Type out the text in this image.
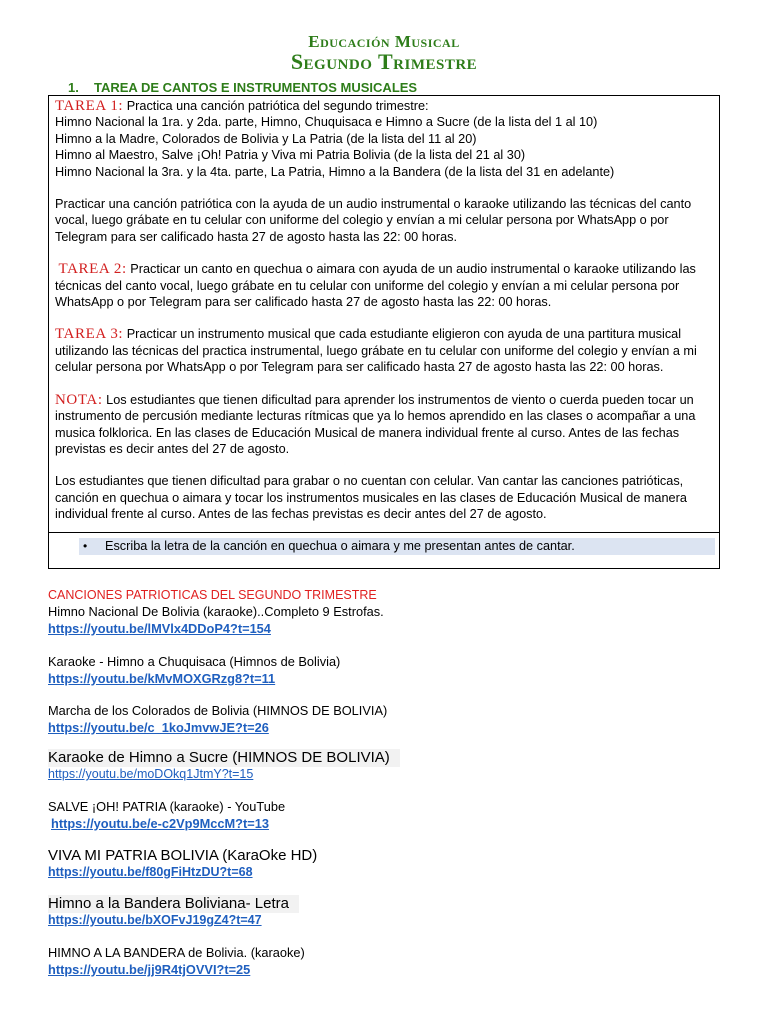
Educación Musical
Segundo Trimestre

1. TAREA DE CANTOS E INSTRUMENTOS MUSICALES

TAREA 1: Practica una canción patriótica del segundo trimestre:
Himno Nacional la 1ra. y 2da. parte, Himno, Chuquisaca e Himno a Sucre (de la lista del 1 al 10)
Himno a la Madre, Colorados de Bolivia y La Patria (de la lista del 11 al 20)
Himno al Maestro, Salve ¡Oh! Patria y Viva mi Patria Bolivia (de la lista del 21 al 30)
Himno Nacional la 3ra. y la 4ta. parte, La Patria, Himno a la Bandera (de la lista del 31 en adelante)

Practicar una canción patriótica con la ayuda de un audio instrumental o karaoke utilizando las técnicas del canto vocal, luego grábate en tu celular con uniforme del colegio y envían a mi celular persona por WhatsApp o por Telegram para ser calificado hasta 27 de agosto hasta las 22: 00 horas.

TAREA 2: Practicar un canto en quechua o aimara con ayuda de un audio instrumental o karaoke utilizando las técnicas del canto vocal, luego grábate en tu celular con uniforme del colegio y envían a mi celular persona por WhatsApp o por Telegram para ser calificado hasta 27 de agosto hasta las 22: 00 horas.

TAREA 3: Practicar un instrumento musical que cada estudiante eligieron con ayuda de una partitura musical utilizando las técnicas del practica instrumental, luego grábate en tu celular con uniforme del colegio y envían a mi celular persona por WhatsApp o por Telegram para ser calificado hasta 27 de agosto hasta las 22: 00 horas.

NOTA: Los estudiantes que tienen dificultad para aprender los instrumentos de viento o cuerda pueden tocar un instrumento de percusión mediante lecturas rítmicas que ya lo hemos aprendido en las clases o acompañar a una musica folklorica. En las clases de Educación Musical de manera individual frente al curso. Antes de las fechas previstas es decir antes del 27 de agosto.

Los estudiantes que tienen dificultad para grabar o no cuentan con celular. Van cantar las canciones patrióticas, canción en quechua o aimara y tocar los instrumentos musicales en las clases de Educación Musical de manera individual frente al curso. Antes de las fechas previstas es decir antes del 27 de agosto.

• Escriba la letra de la canción en quechua o aimara y me presentan antes de cantar.

CANCIONES PATRIOTICAS DEL SEGUNDO TRIMESTRE

Himno Nacional De Bolivia (karaoke)..Completo 9 Estrofas.
https://youtu.be/lMVlx4DDoP4?t=154
Karaoke - Himno a Chuquisaca (Himnos de Bolivia)
https://youtu.be/kMvMOXGRzg8?t=11
Marcha de los Colorados de Bolivia (HIMNOS DE BOLIVIA)
https://youtu.be/c_1koJmvwJE?t=26
Karaoke de Himno a Sucre (HIMNOS DE BOLIVIA)
https://youtu.be/moDOkq1JtmY?t=15
SALVE ¡OH! PATRIA (karaoke) - YouTube
https://youtu.be/e-c2Vp9MccM?t=13
VIVA MI PATRIA BOLIVIA (KaraOke HD)
https://youtu.be/f80gFiHtzDU?t=68
Himno a la Bandera Boliviana- Letra
https://youtu.be/bXOFvJ19gZ4?t=47
HIMNO A LA BANDERA de Bolivia. (karaoke)
https://youtu.be/jj9R4tjOVVI?t=25
